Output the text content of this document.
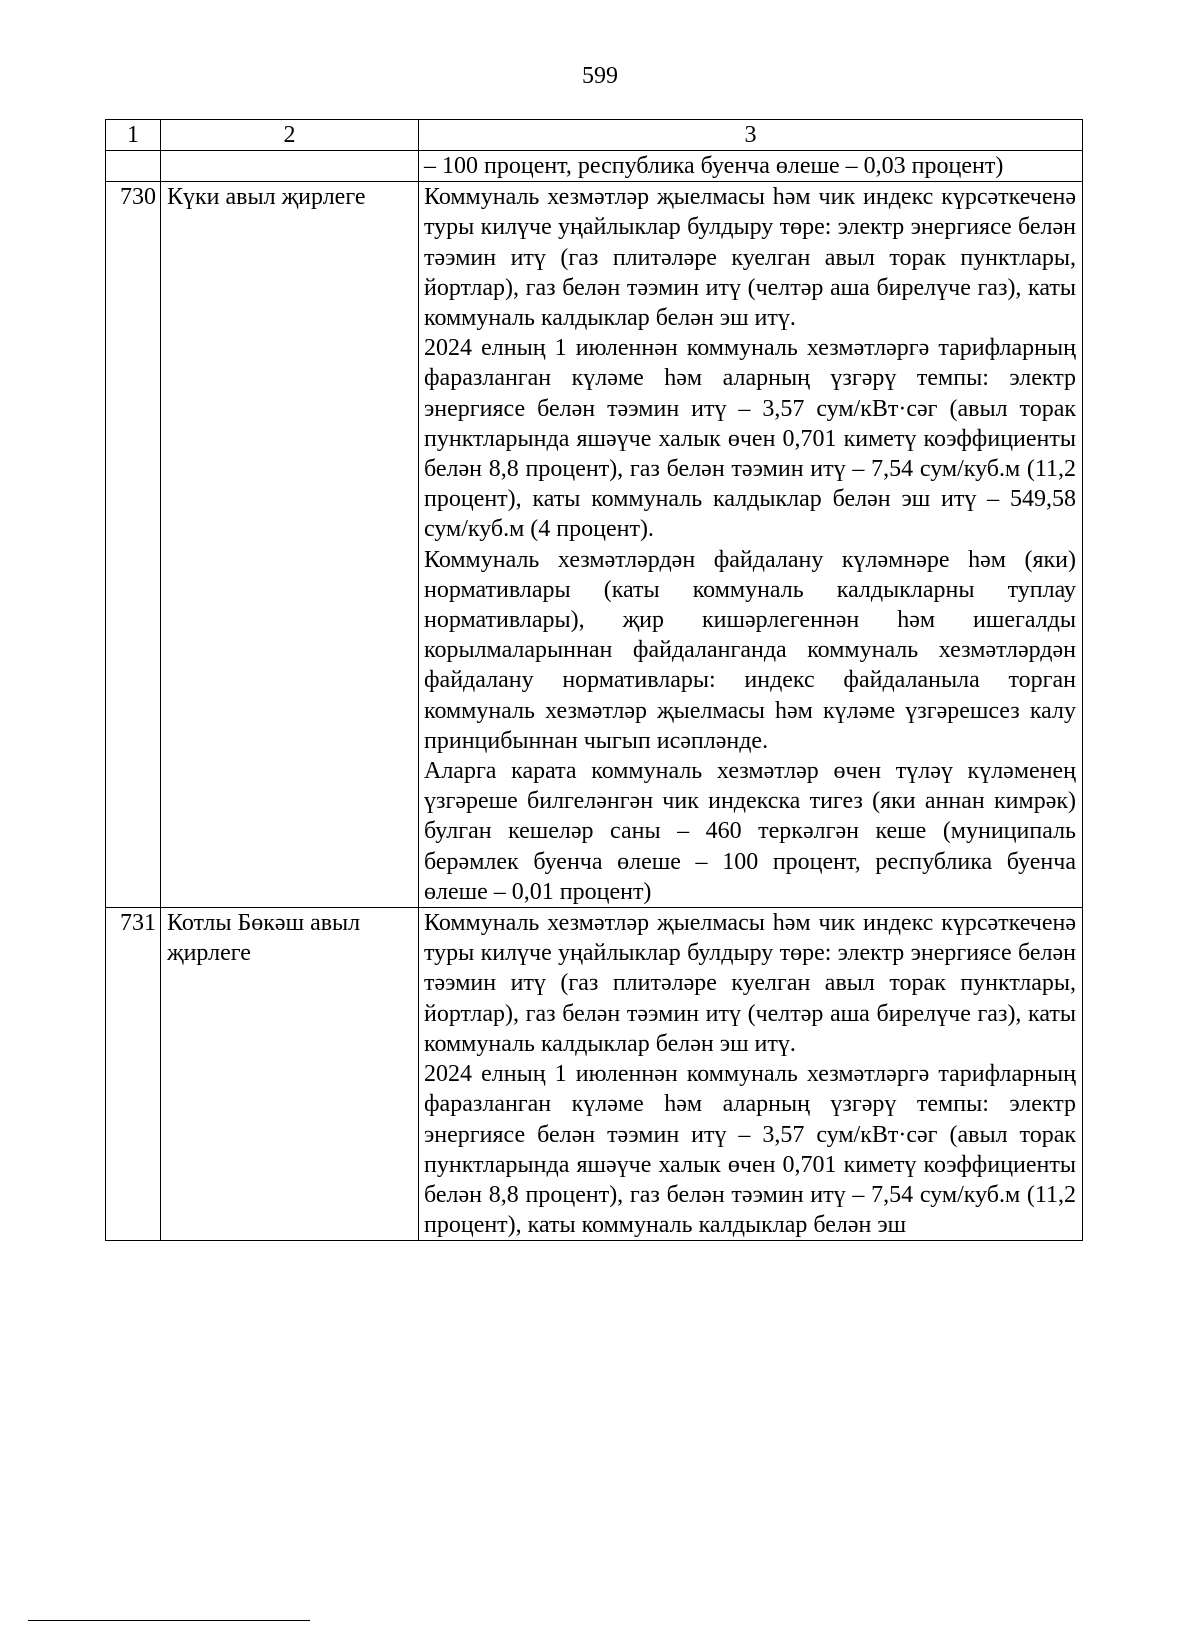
599
1	2	3

		– 100 процент, республика буенча өлеше – 0,03 процент)

730	Күки авыл җирлеге	Коммуналь хезмәтләр җыелмасы һәм чик индекс күрсәткеченә туры килүче уңайлыклар булдыру төре: электр энергиясе белән тәэмин итү (газ плитәләре куелган авыл торак пунктлары, йортлар), газ белән тәэмин итү (челтәр аша бирелүче газ), каты коммуналь калдыклар белән эш итү.

2024 елның 1 июленнән коммуналь хезмәтләргә тарифларның фаразланган күләме һәм аларның үзгәрү темпы: электр энергиясе белән тәэмин итү – 3,57 сум/кВт·сәг (авыл торак пунктларында яшәүче халык өчен 0,701 киметү коэффициенты белән 8,8 процент), газ белән тәэмин итү – 7,54 сум/куб.м (11,2 процент), каты коммуналь калдыклар белән эш итү – 549,58 сум/куб.м (4 процент).

Коммуналь хезмәтләрдән файдалану күләмнәре һәм (яки) нормативлары (каты коммуналь калдыкларны туплау нормативлары), җир кишәрлегеннән һәм ишегалды корылмаларыннан файдаланганда коммуналь хезмәтләрдән файдалану нормативлары: индекс файдаланыла торган коммуналь хезмәтләр җыелмасы һәм күләме үзгәрешсез калу принцибыннан чыгып исәпләнде.

Аларга карата коммуналь хезмәтләр өчен түләү күләменең үзгәреше билгеләнгән чик индекска тигез (яки аннан кимрәк) булган кешеләр саны – 460 теркәлгән кеше (муниципаль берәмлек буенча өлеше – 100 процент, республика буенча өлеше – 0,01 процент)

731	Котлы Бөкәш авыл җирлеге	Коммуналь хезмәтләр җыелмасы һәм чик индекс күрсәткеченә туры килүче уңайлыклар булдыру төре: электр энергиясе белән тәэмин итү (газ плитәләре куелган авыл торак пунктлары, йортлар), газ белән тәэмин итү (челтәр аша бирелүче газ), каты коммуналь калдыклар белән эш итү.

2024 елның 1 июленнән коммуналь хезмәтләргә тарифларның фаразланган күләме һәм аларның үзгәрү темпы: электр энергиясе белән тәэмин итү – 3,57 сум/кВт·сәг (авыл торак пунктларында яшәүче халык өчен 0,701 киметү коэффициенты белән 8,8 процент), газ белән тәэмин итү – 7,54 сум/куб.м (11,2 процент), каты коммуналь калдыклар белән эш
